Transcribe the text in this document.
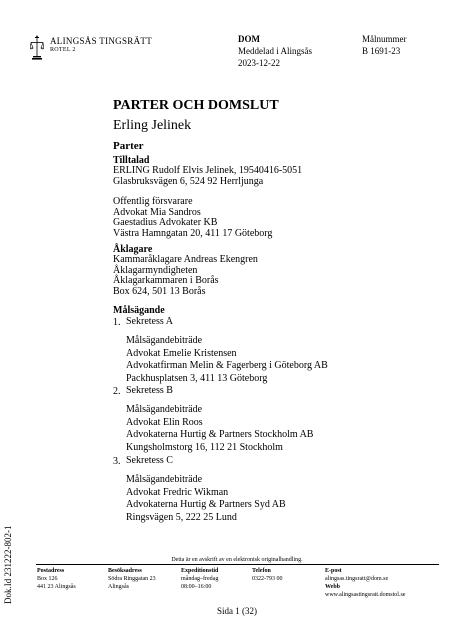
ALINGSÅS TINGSRÄTT
ROTEL 2
DOM
Meddelad i Alingsås
2023-12-22
Målnummer
B 1691-23
PARTER OCH DOMSLUT
Erling Jelinek
Parter
Tilltalad
ERLING Rudolf Elvis Jelinek, 19540416-5051
Glasbruksvägen 6, 524 92 Herrljunga
Offentlig försvarare
Advokat Mia Sandros
Gaestadius Advokater KB
Västra Hamngatan 20, 411 17 Göteborg
Åklagare
Kammaråklagare Andreas Ekengren
Åklagarmyndigheten
Åklagarkammaren i Borås
Box 624, 501 13 Borås
Målsägande
1. Sekretess A
Målsägandebiträde
Advokat Emelie Kristensen
Advokatfirman Melin & Fagerberg i Göteborg AB
Packhusplatsen 3, 411 13 Göteborg
2. Sekretess B
Målsägandebiträde
Advokat Elin Roos
Advokaterna Hurtig & Partners Stockholm AB
Kungsholmstorg 16, 112 21 Stockholm
3. Sekretess C
Målsägandebiträde
Advokat Fredric Wikman
Advokaterna Hurtig & Partners Syd AB
Ringsvägen 5, 222 25 Lund
Detta är en avskrift av en elektronisk originalhandling.
Postadress
Box 126
441 23 Alingsås
Besöksadress
Södra Ringgatan 23
Alingsås
Expeditionstid
måndag–fredag
08:00–16:00
Telefon
0322-793 00
E-post
alingsas.tingsratt@dom.se
Webb
www.alingsastingsratt.domstol.se
Dok.Id 231222-802-1
Sida 1 (32)
